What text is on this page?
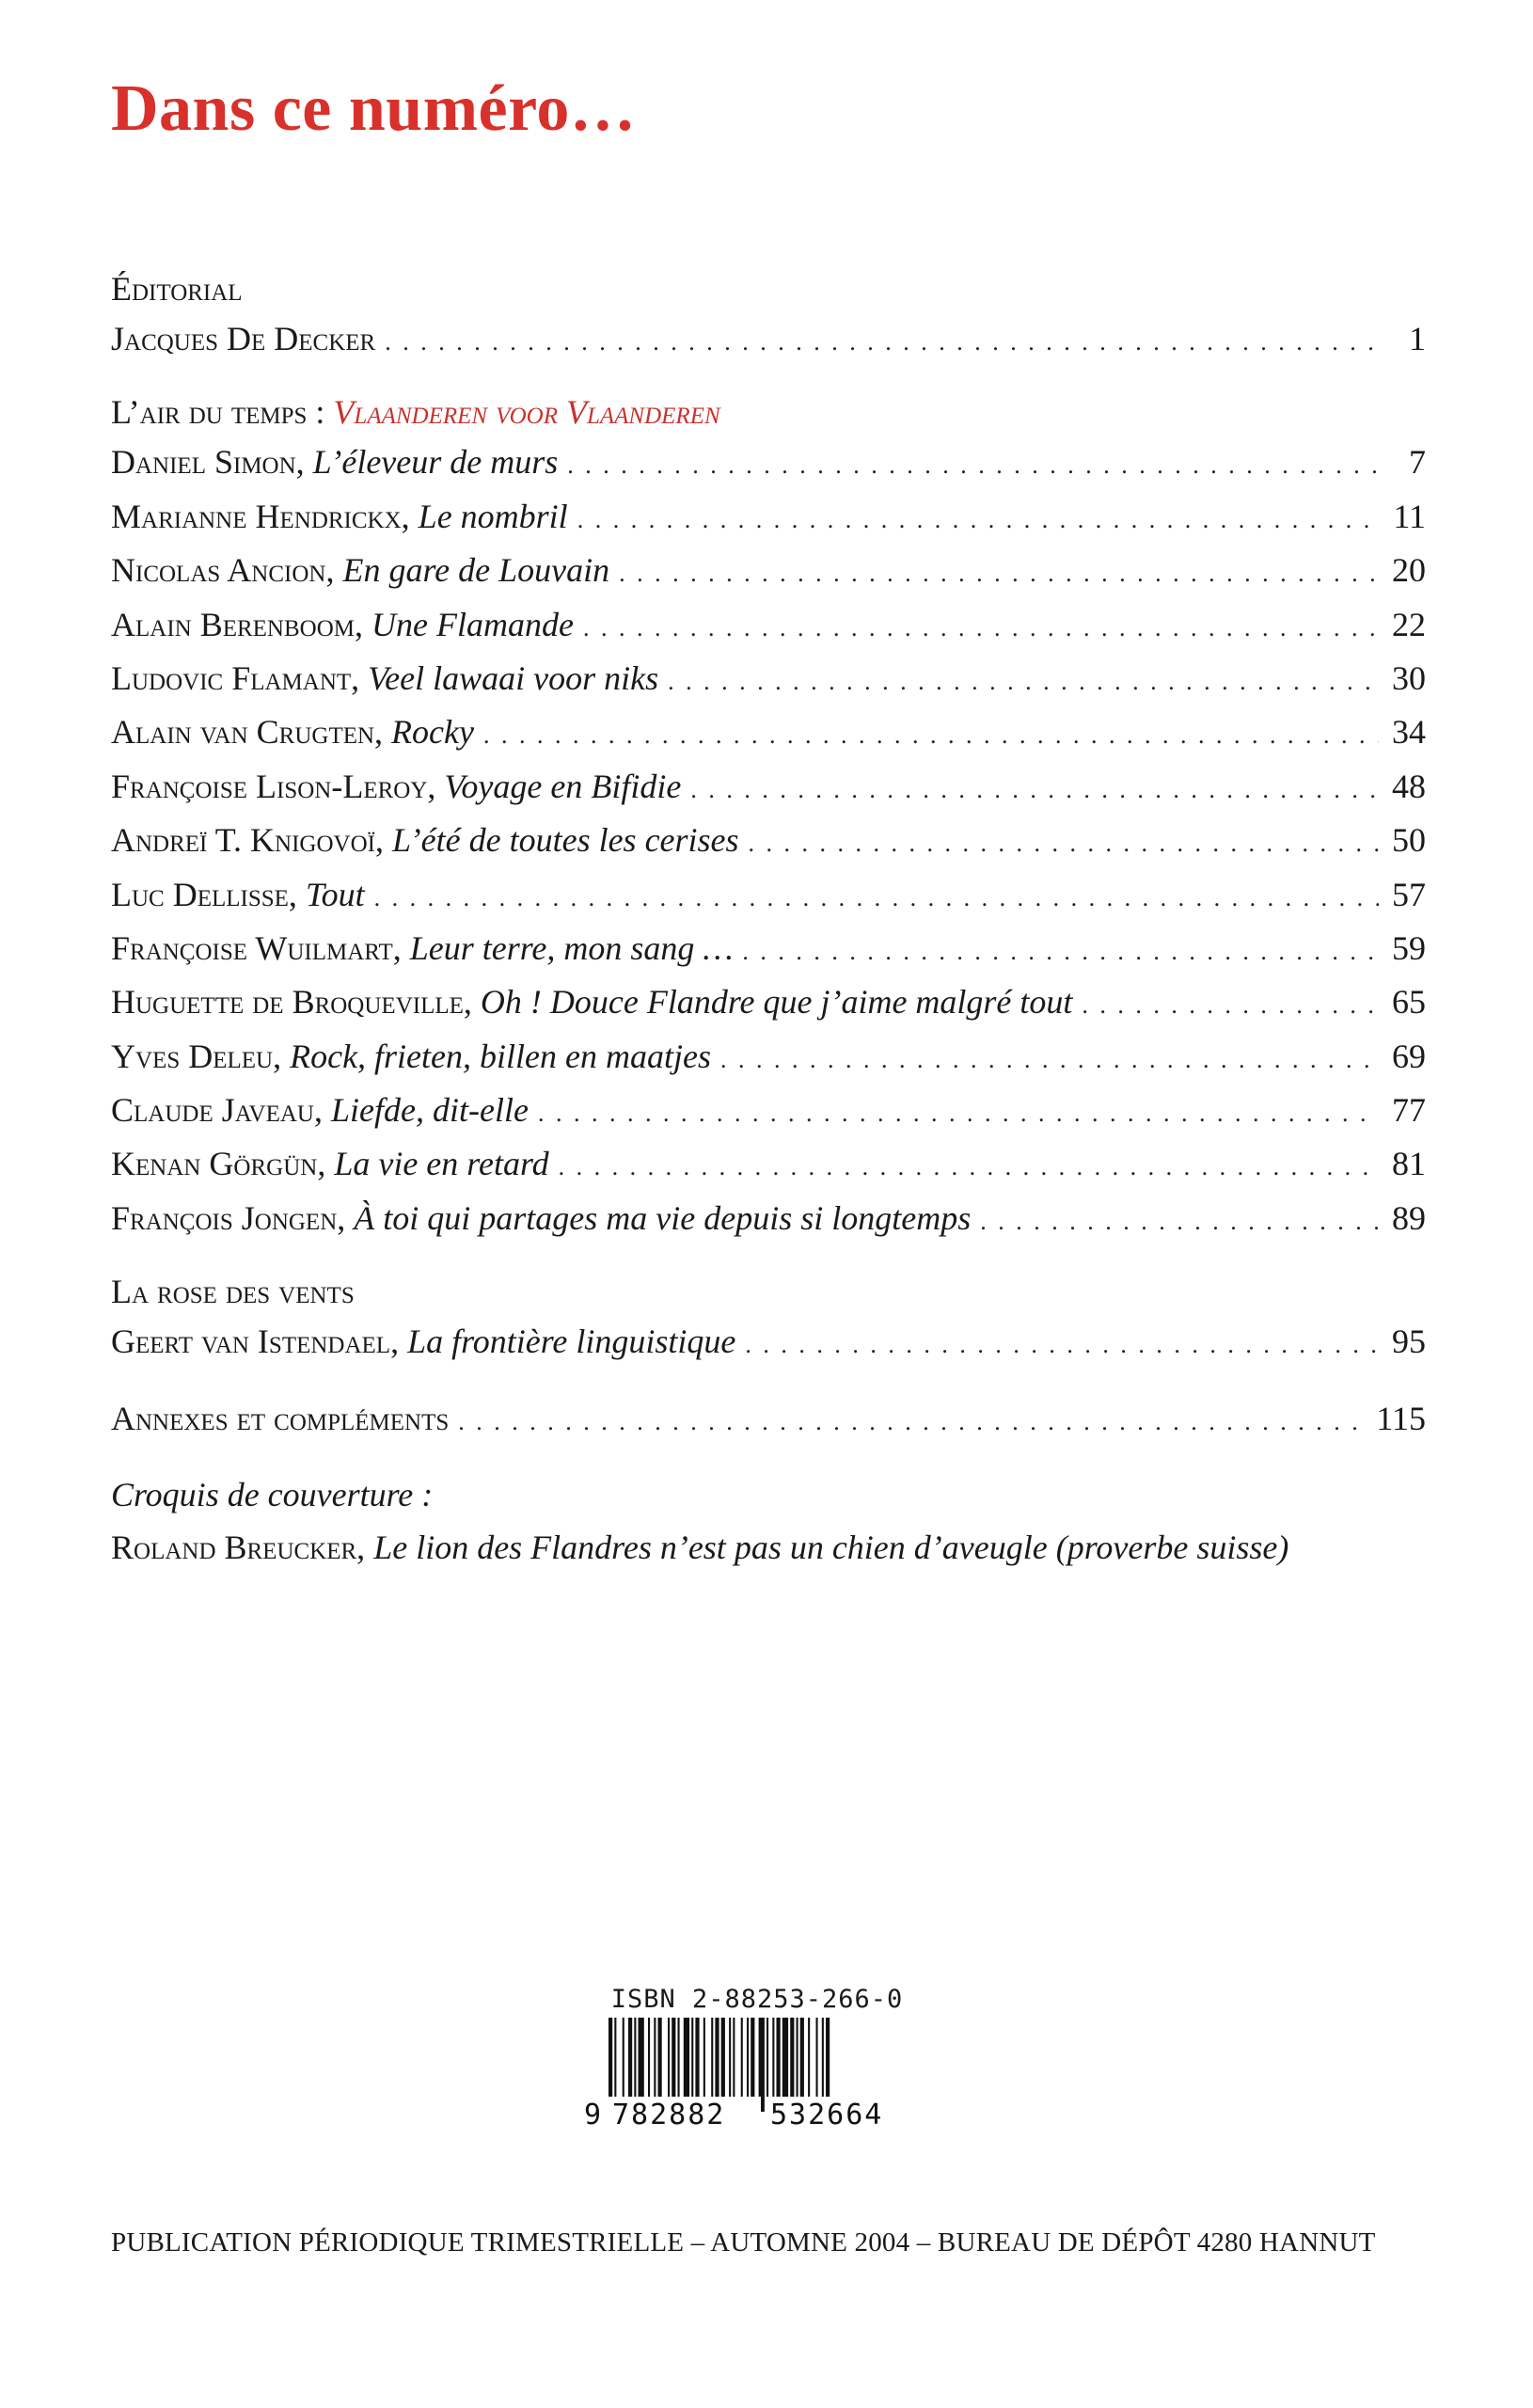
Dans ce numéro…
Éditorial
Jacques De Decker . . .	1
L’air du temps : Vlaanderen voor Vlaanderen
Daniel Simon, L’éleveur de murs . . .	7
Marianne Hendrickx, Le nombril . . .	11
Nicolas Ancion, En gare de Louvain . . .	20
Alain Berenboom, Une Flamande . . .	22
Ludovic Flamant, Veel lawaai voor niks . . .	30
Alain van Crugten, Rocky . . .	34
Françoise Lison-Leroy, Voyage en Bifidie . . .	48
Andreï T. Knigovoï, L’été de toutes les cerises . . .	50
Luc Dellisse, Tout . . .	57
Françoise Wuilmart, Leur terre, mon sang … . . .	59
Huguette de Broqueville, Oh ! Douce Flandre que j’aime malgré tout . . .	65
Yves Deleu, Rock, frieten, billen en maatjes . . .	69
Claude Javeau, Liefde, dit-elle . . .	77
Kenan Görgün, La vie en retard . . .	81
François Jongen, À toi qui partages ma vie depuis si longtemps . . .	89
La rose des vents
Geert van Istendael, La frontière linguistique . . .	95
Annexes et compléments . . .	115
Croquis de couverture :
Roland Breucker, Le lion des Flandres n’est pas un chien d’aveugle (proverbe suisse)
ISBN 2-88253-266-0
9 782882 532664
PUBLICATION PÉRIODIQUE TRIMESTRIELLE – AUTOMNE 2004 – BUREAU DE DÉPÔT 4280 HANNUT
